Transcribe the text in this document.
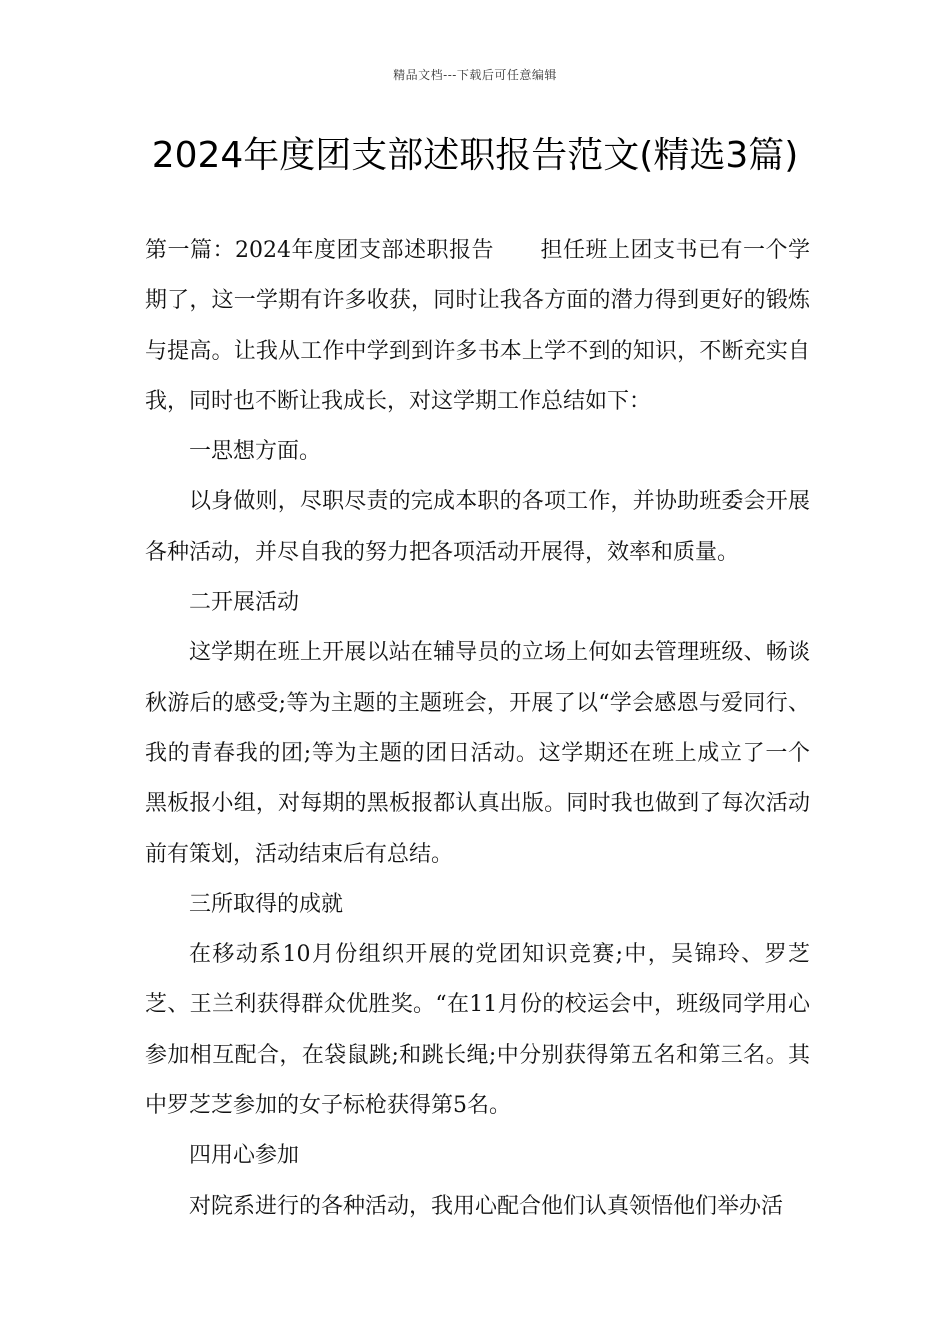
精品文档---下载后可任意编辑
2024年度团支部述职报告范文(精选3篇)

第一篇：2024年度团支部述职报告 担任班上团支书已有一个学期了，这一学期有许多收获，同时让我各方面的潜力得到更好的锻炼与提高。让我从工作中学到到许多书本上学不到的知识，不断充实自我，同时也不断让我成长，对这学期工作总结如下：

一思想方面。

以身做则，尽职尽责的完成本职的各项工作，并协助班委会开展各种活动，并尽自我的努力把各项活动开展得，效率和质量。

二开展活动

这学期在班上开展以站在辅导员的立场上何如去管理班级、畅谈秋游后的感受;等为主题的主题班会，开展了以“学会感恩与爱同行、我的青春我的团;等为主题的团日活动。这学期还在班上成立了一个黑板报小组，对每期的黑板报都认真出版。同时我也做到了每次活动前有策划，活动结束后有总结。

三所取得的成就

在移动系10月份组织开展的党团知识竞赛;中，吴锦玲、罗芝芝、王兰利获得群众优胜奖。“在11月份的校运会中，班级同学用心参加相互配合，在袋鼠跳;和跳长绳;中分别获得第五名和第三名。其中罗芝芝参加的女子标枪获得第5名。

四用心参加

对院系进行的各种活动，我用心配合他们认真领悟他们举办活
